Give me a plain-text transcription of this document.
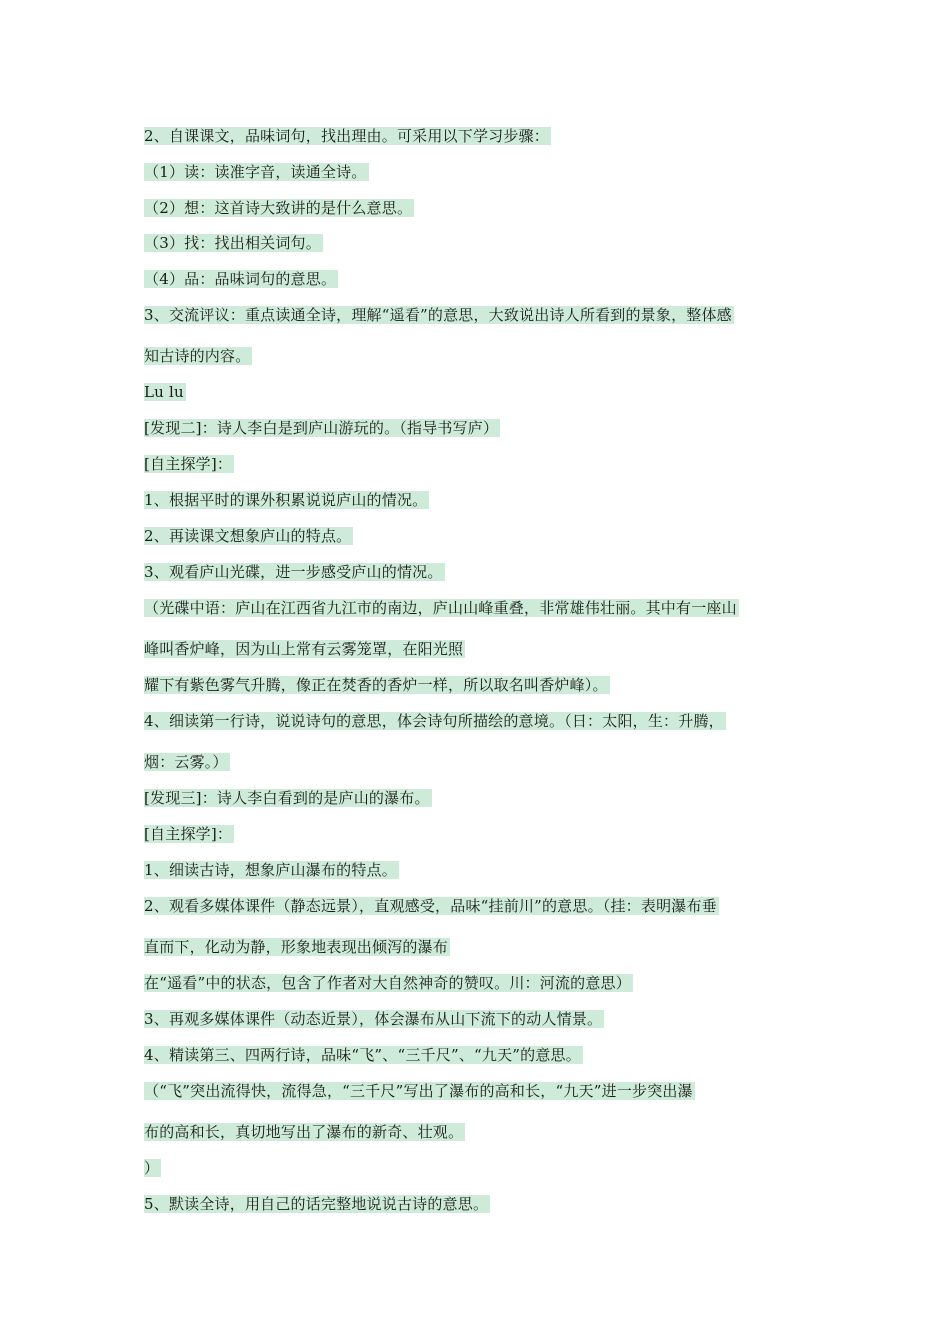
2、自课课文，品味词句，找出理由。可采用以下学习步骤：
（1）读：读准字音，读通全诗。
（2）想：这首诗大致讲的是什么意思。
（3）找：找出相关词句。
（4）品：品味词句的意思。
3、交流评议：重点读通全诗，理解“遥看”的意思，大致说出诗人所看到的景象，整体感
知古诗的内容。
Lu lu
[发现二]：诗人李白是到庐山游玩的。（指导书写庐）
[自主探学]：
1、根据平时的课外积累说说庐山的情况。
2、再读课文想象庐山的特点。
3、观看庐山光碟，进一步感受庐山的情况。
（光碟中语：庐山在江西省九江市的南边，庐山山峰重叠，非常雄伟壮丽。其中有一座山
峰叫香炉峰，因为山上常有云雾笼罩，在阳光照
耀下有紫色雾气升腾，像正在焚香的香炉一样，所以取名叫香炉峰）。
4、细读第一行诗，说说诗句的意思，体会诗句所描绘的意境。（日：太阳，生：升腾，
烟：云雾。）
[发现三]：诗人李白看到的是庐山的瀑布。
[自主探学]：
1、细读古诗，想象庐山瀑布的特点。
2、观看多媒体课件（静态远景），直观感受，品味“挂前川”的意思。（挂：表明瀑布垂
直而下，化动为静，形象地表现出倾泻的瀑布
在“遥看”中的状态，包含了作者对大自然神奇的赞叹。川：河流的意思）
3、再观多媒体课件（动态近景），体会瀑布从山下流下的动人情景。
4、精读第三、四两行诗，品味“飞”、“三千尺”、“九天”的意思。
（“飞”突出流得快，流得急，“三千尺”写出了瀑布的高和长，“九天”进一步突出瀑
布的高和长，真切地写出了瀑布的新奇、壮观。
）
5、默读全诗，用自己的话完整地说说古诗的意思。
